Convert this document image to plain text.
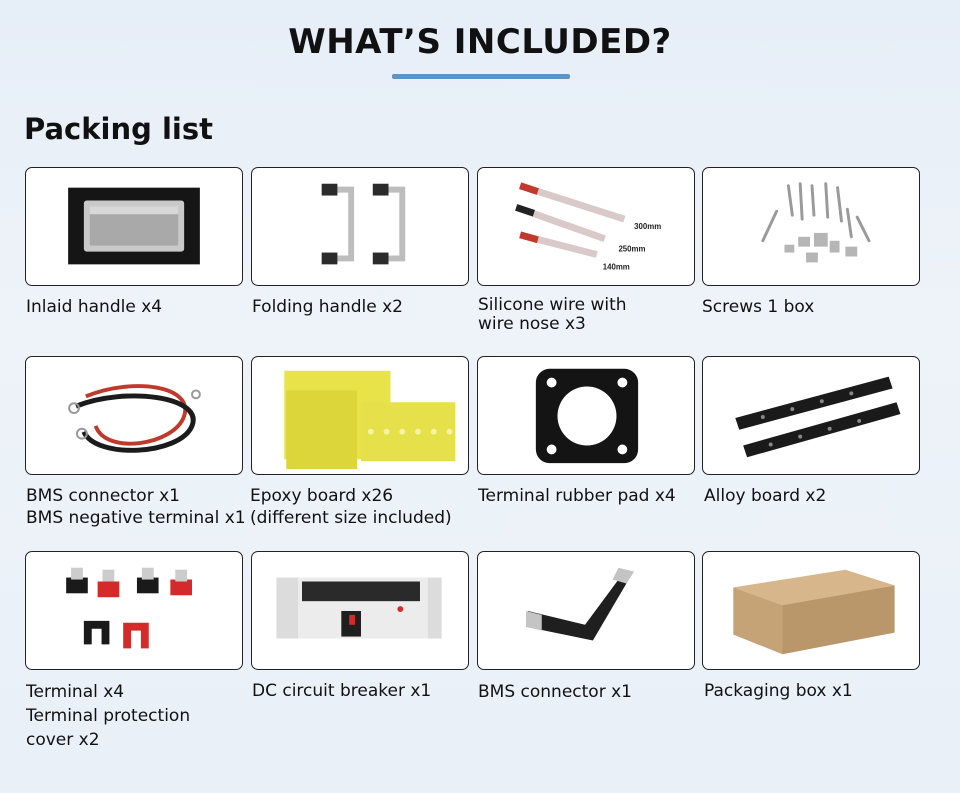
WHAT’S INCLUDED?
Packing list
300mm
250mm
140mm
Inlaid handle x4	Folding handle x2	Silicone wire with
wire nose x3
Screws 1 box
BMS connector x1
BMS negative terminal x1
Epoxy board x26
(different size included)
Terminal rubber pad x4	Alloy board x2
Terminal x4
Terminal protection
cover x2
DC circuit breaker x1	BMS connector x1	Packaging box x1
